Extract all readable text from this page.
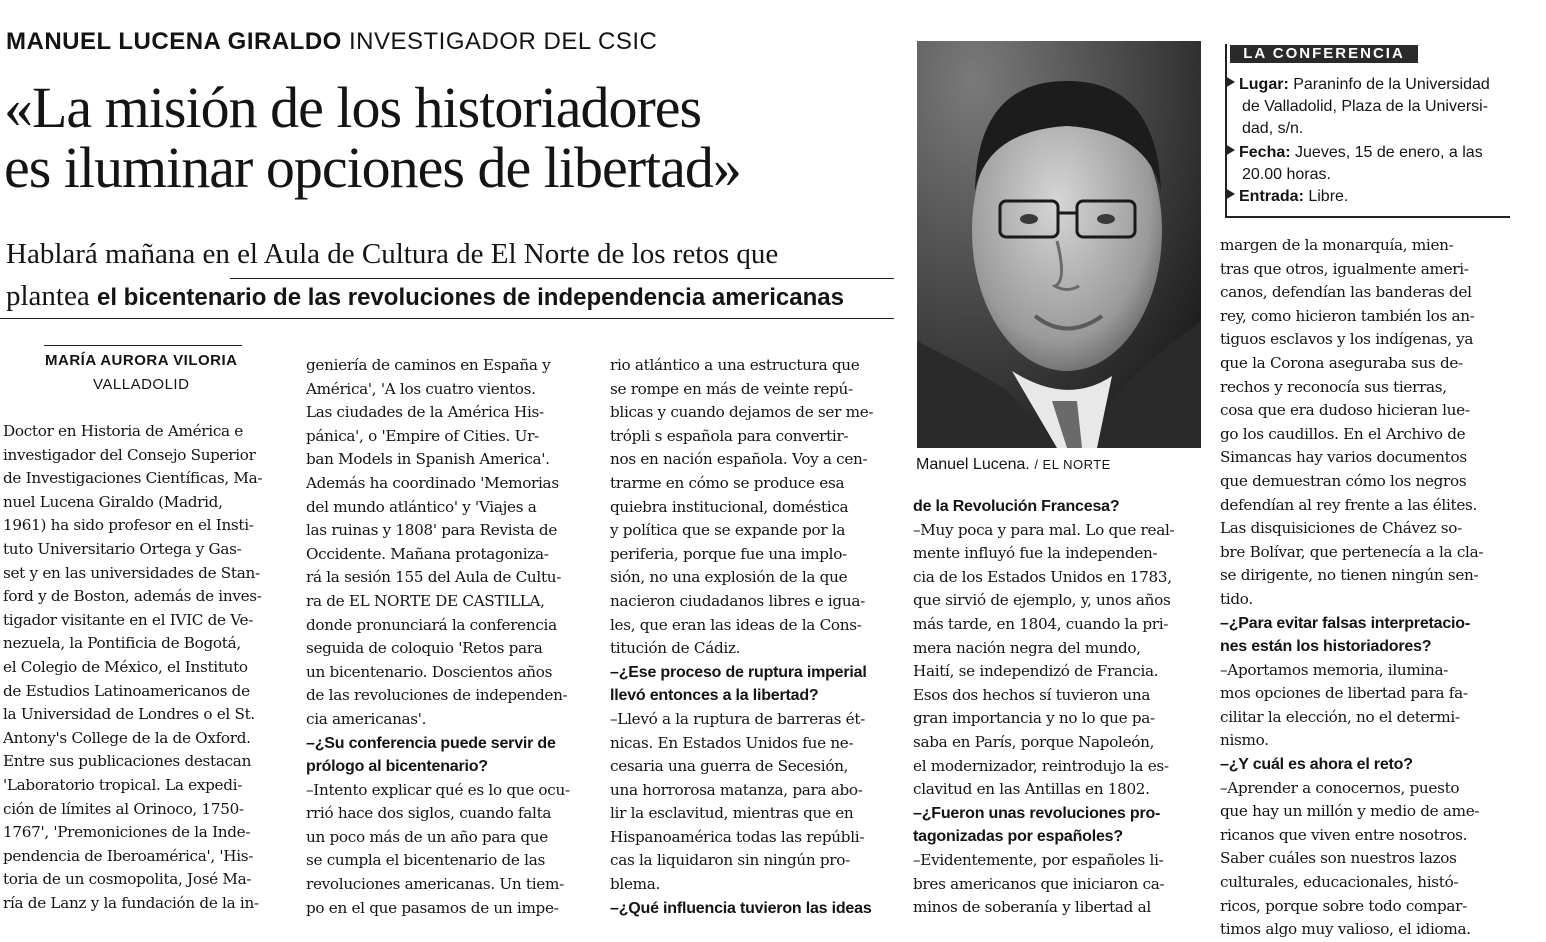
MANUEL LUCENA GIRALDO INVESTIGADOR DEL CSIC
«La misión de los historiadores
es iluminar opciones de libertad»
Hablará mañana en el Aula de Cultura de El Norte de los retos que
plantea el bicentenario de las revoluciones de independencia americanas
MARÍA AURORA VILORIA
VALLADOLID
Doctor en Historia de América e
investigador del Consejo Superior
de Investigaciones Científicas, Ma-
nuel Lucena Giraldo (Madrid,
1961) ha sido profesor en el Insti-
tuto Universitario Ortega y Gas-
set y en las universidades de Stan-
ford y de Boston, además de inves-
tigador visitante en el IVIC de Ve-
nezuela, la Pontificia de Bogotá,
el Colegio de México, el Instituto
de Estudios Latinoamericanos de
la Universidad de Londres o el St.
Antony's College de la de Oxford.
Entre sus publicaciones destacan
'Laboratorio tropical. La expedi-
ción de límites al Orinoco, 1750-
1767', 'Premoniciones de la Inde-
pendencia de Iberoamérica', 'His-
toria de un cosmopolita, José Ma-
ría de Lanz y la fundación de la in-
geniería de caminos en España y
América', 'A los cuatro vientos.
Las ciudades de la América His-
pánica', o 'Empire of Cities. Ur-
ban Models in Spanish America'.
Además ha coordinado 'Memorias
del mundo atlántico' y 'Viajes a
las ruinas y 1808' para Revista de
Occidente. Mañana protagoniza-
rá la sesión 155 del Aula de Cultu-
ra de EL NORTE DE CASTILLA,
donde pronunciará la conferencia
seguida de coloquio 'Retos para
un bicentenario. Doscientos años
de las revoluciones de independen-
cia americanas'.
–¿Su conferencia puede servir de
prólogo al bicentenario?
–Intento explicar qué es lo que ocu-
rrió hace dos siglos, cuando falta
un poco más de un año para que
se cumpla el bicentenario de las
revoluciones americanas. Un tiem-
po en el que pasamos de un impe-
rio atlántico a una estructura que
se rompe en más de veinte repú-
blicas y cuando dejamos de ser me-
trópli s española para convertir-
nos en nación española. Voy a cen-
trarme en cómo se produce esa
quiebra institucional, doméstica
y política que se expande por la
periferia, porque fue una implo-
sión, no una explosión de la que
nacieron ciudadanos libres e igua-
les, que eran las ideas de la Cons-
titución de Cádiz.
–¿Ese proceso de ruptura imperial
llevó entonces a la libertad?
–Llevó a la ruptura de barreras ét-
nicas. En Estados Unidos fue ne-
cesaria una guerra de Secesión,
una horrorosa matanza, para abo-
lir la esclavitud, mientras que en
Hispanoamérica todas las repúbli-
cas la liquidaron sin ningún pro-
blema.
–¿Qué influencia tuvieron las ideas
de la Revolución Francesa?
–Muy poca y para mal. Lo que real-
mente influyó fue la independen-
cia de los Estados Unidos en 1783,
que sirvió de ejemplo, y, unos años
más tarde, en 1804, cuando la pri-
mera nación negra del mundo,
Haití, se independizó de Francia.
Esos dos hechos sí tuvieron una
gran importancia y no lo que pa-
saba en París, porque Napoleón,
el modernizador, reintrodujo la es-
clavitud en las Antillas en 1802.
–¿Fueron unas revoluciones pro-
tagonizadas por españoles?
–Evidentemente, por españoles li-
bres americanos que iniciaron ca-
minos de soberanía y libertad al
margen de la monarquía, mien-
tras que otros, igualmente ameri-
canos, defendían las banderas del
rey, como hicieron también los an-
tiguos esclavos y los indígenas, ya
que la Corona aseguraba sus de-
rechos y reconocía sus tierras,
cosa que era dudoso hicieran lue-
go los caudillos. En el Archivo de
Simancas hay varios documentos
que demuestran cómo los negros
defendían al rey frente a las élites.
Las disquisiciones de Chávez so-
bre Bolívar, que pertenecía a la cla-
se dirigente, no tienen ningún sen-
tido.
–¿Para evitar falsas interpretacio-
nes están los historiadores?
–Aportamos memoria, ilumina-
mos opciones de libertad para fa-
cilitar la elección, no el determi-
nismo.
–¿Y cuál es ahora el reto?
–Aprender a conocernos, puesto
que hay un millón y medio de ame-
ricanos que viven entre nosotros.
Saber cuáles son nuestros lazos
culturales, educacionales, histó-
ricos, porque sobre todo compar-
timos algo muy valioso, el idioma.
Manuel Lucena. / EL NORTE
LA CONFERENCIA
Lugar: Paraninfo de la Universidad
de Valladolid, Plaza de la Universi-
dad, s/n.
Fecha: Jueves, 15 de enero, a las
20.00 horas.
Entrada: Libre.
